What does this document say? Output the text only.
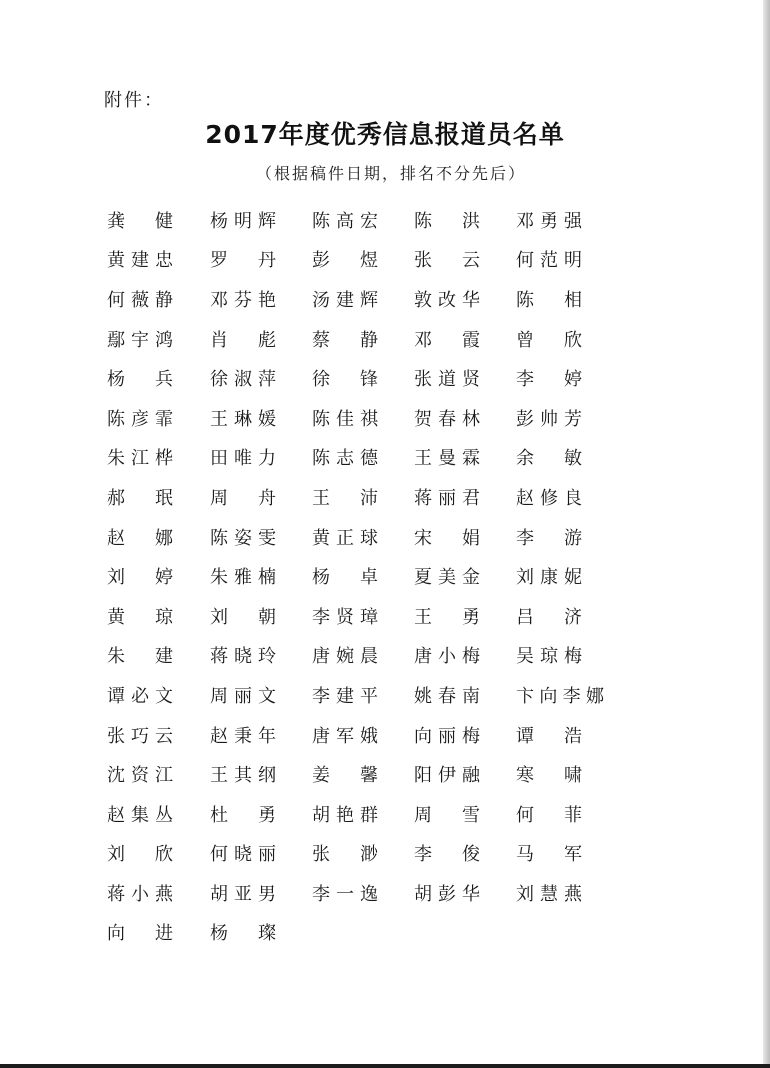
附件：
2017年度优秀信息报道员名单
（根据稿件日期，排名不分先后）
龚 健 杨 明 辉 陈 高 宏 陈 洪 邓 勇 强
黄 建 忠 罗 丹 彭 煜 张 云 何 范 明
何 薇 静 邓 芬 艳 汤 建 辉 敦 改 华 陈 相
鄢 宇 鸿 肖 彪 蔡 静 邓 霞 曾 欣
杨 兵 徐 淑 萍 徐 锋 张 道 贤 李 婷
陈 彦 霏 王 琳 媛 陈 佳 祺 贺 春 林 彭 帅 芳
朱 江 桦 田 唯 力 陈 志 德 王 曼 霖 余 敏
郝 珉 周 舟 王 沛 蒋 丽 君 赵 修 良
赵 娜 陈 姿 雯 黄 正 球 宋 娟 李 游
刘 婷 朱 雅 楠 杨 卓 夏 美 金 刘 康 妮
黄 琼 刘 朝 李 贤 璋 王 勇 吕 济
朱 建 蒋 晓 玲 唐 婉 晨 唐 小 梅 吴 琼 梅
谭 必 文 周 丽 文 李 建 平 姚 春 南 卞 向 李 娜
张 巧 云 赵 秉 年 唐 军 娥 向 丽 梅 谭 浩
沈 资 江 王 其 纲 姜 馨 阳 伊 融 寒 啸
赵 集 丛 杜 勇 胡 艳 群 周 雪 何 菲
刘 欣 何 晓 丽 张 渺 李 俊 马 军
蒋 小 燕 胡 亚 男 李 一 逸 胡 彭 华 刘 慧 燕
向 进 杨 璨
